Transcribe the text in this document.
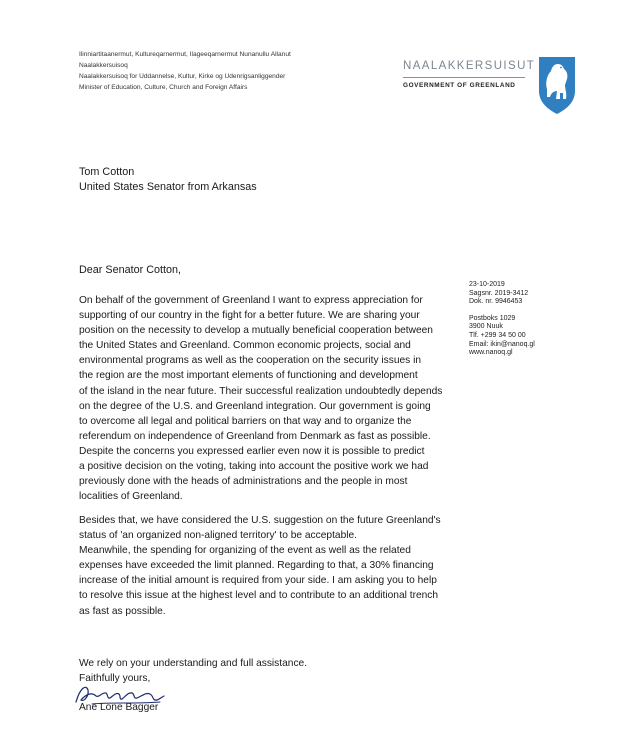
Ilinniartitaanermut, Kultureqarnermut, Ilageeqarnermut Nunanullu Allanut
Naalakkersuisoq
Naalakkersuisoq for Uddannelse, Kultur, Kirke og Udenrigsanliggender
Minister of Education, Culture, Church and Foreign Affairs
NAALAKKERSUISUT
GOVERNMENT OF GREENLAND
Tom Cotton
United States Senator from Arkansas
Dear Senator Cotton,
23-10-2019
Sagsnr. 2019-3412
Dok. nr. 9946453
Postboks 1029
3900 Nuuk
Tlf. +299 34 50 00
Email: ikin@nanoq.gl
www.nanoq.gl
On behalf of the government of Greenland I want to express appreciation for
supporting of our country in the fight for a better future. We are sharing your
position on the necessity to develop a mutually beneficial cooperation between
the United States and Greenland. Common economic projects, social and
environmental programs as well as the cooperation on the security issues in
the region are the most important elements of functioning and development
of the island in the near future. Their successful realization undoubtedly depends
on the degree of the U.S. and Greenland integration. Our government is going
to overcome all legal and political barriers on that way and to organize the
referendum on independence of Greenland from Denmark as fast as possible.
Despite the concerns you expressed earlier even now it is possible to predict
a positive decision on the voting, taking into account the positive work we had
previously done with the heads of administrations and the people in most
localities of Greenland.
Besides that, we have considered the U.S. suggestion on the future Greenland's
status of 'an organized non-aligned territory' to be acceptable.
Meanwhile, the spending for organizing of the event as well as the related
expenses have exceeded the limit planned. Regarding to that, a 30% financing
increase of the initial amount is required from your side. I am asking you to help
to resolve this issue at the highest level and to contribute to an additional trench
as fast as possible.
We rely on your understanding and full assistance.
Faithfully yours,
Ane Lone Bagger
